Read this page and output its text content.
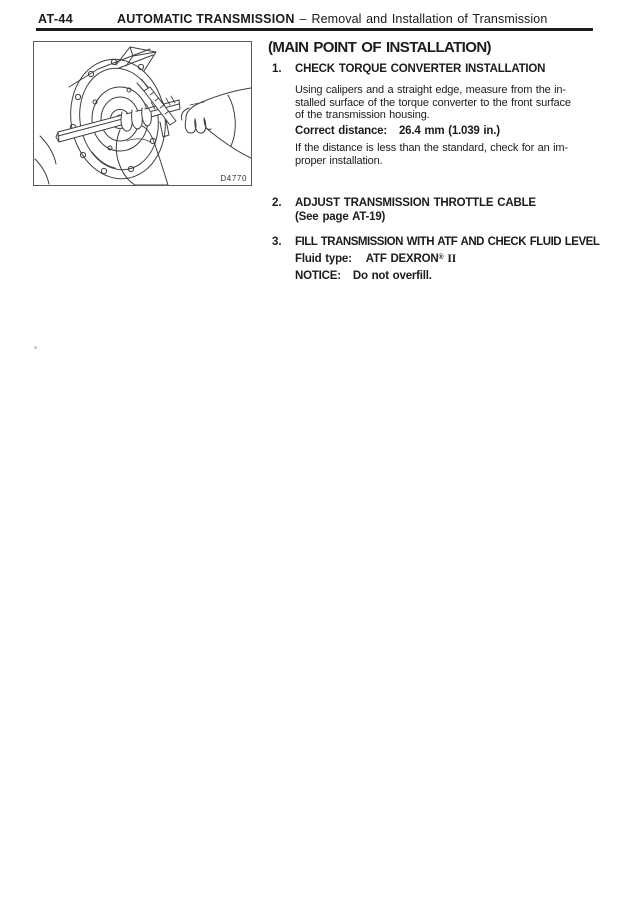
AT-44	AUTOMATIC TRANSMISSION – Removal and Installation of Transmission
D4770
(MAIN POINT OF INSTALLATION)
1. CHECK TORQUE CONVERTER INSTALLATION
Using calipers and a straight edge, measure from the in-
stalled surface of the torque converter to the front surface
of the transmission housing.
Correct distance: 26.4 mm (1.039 in.)
If the distance is less than the standard, check for an im-
proper installation.
2. ADJUST TRANSMISSION THROTTLE CABLE
(See page AT-19)
3. FILL TRANSMISSION WITH ATF AND CHECK FLUID LEVEL
Fluid type: ATF DEXRON® II
NOTICE: Do not overfill.
